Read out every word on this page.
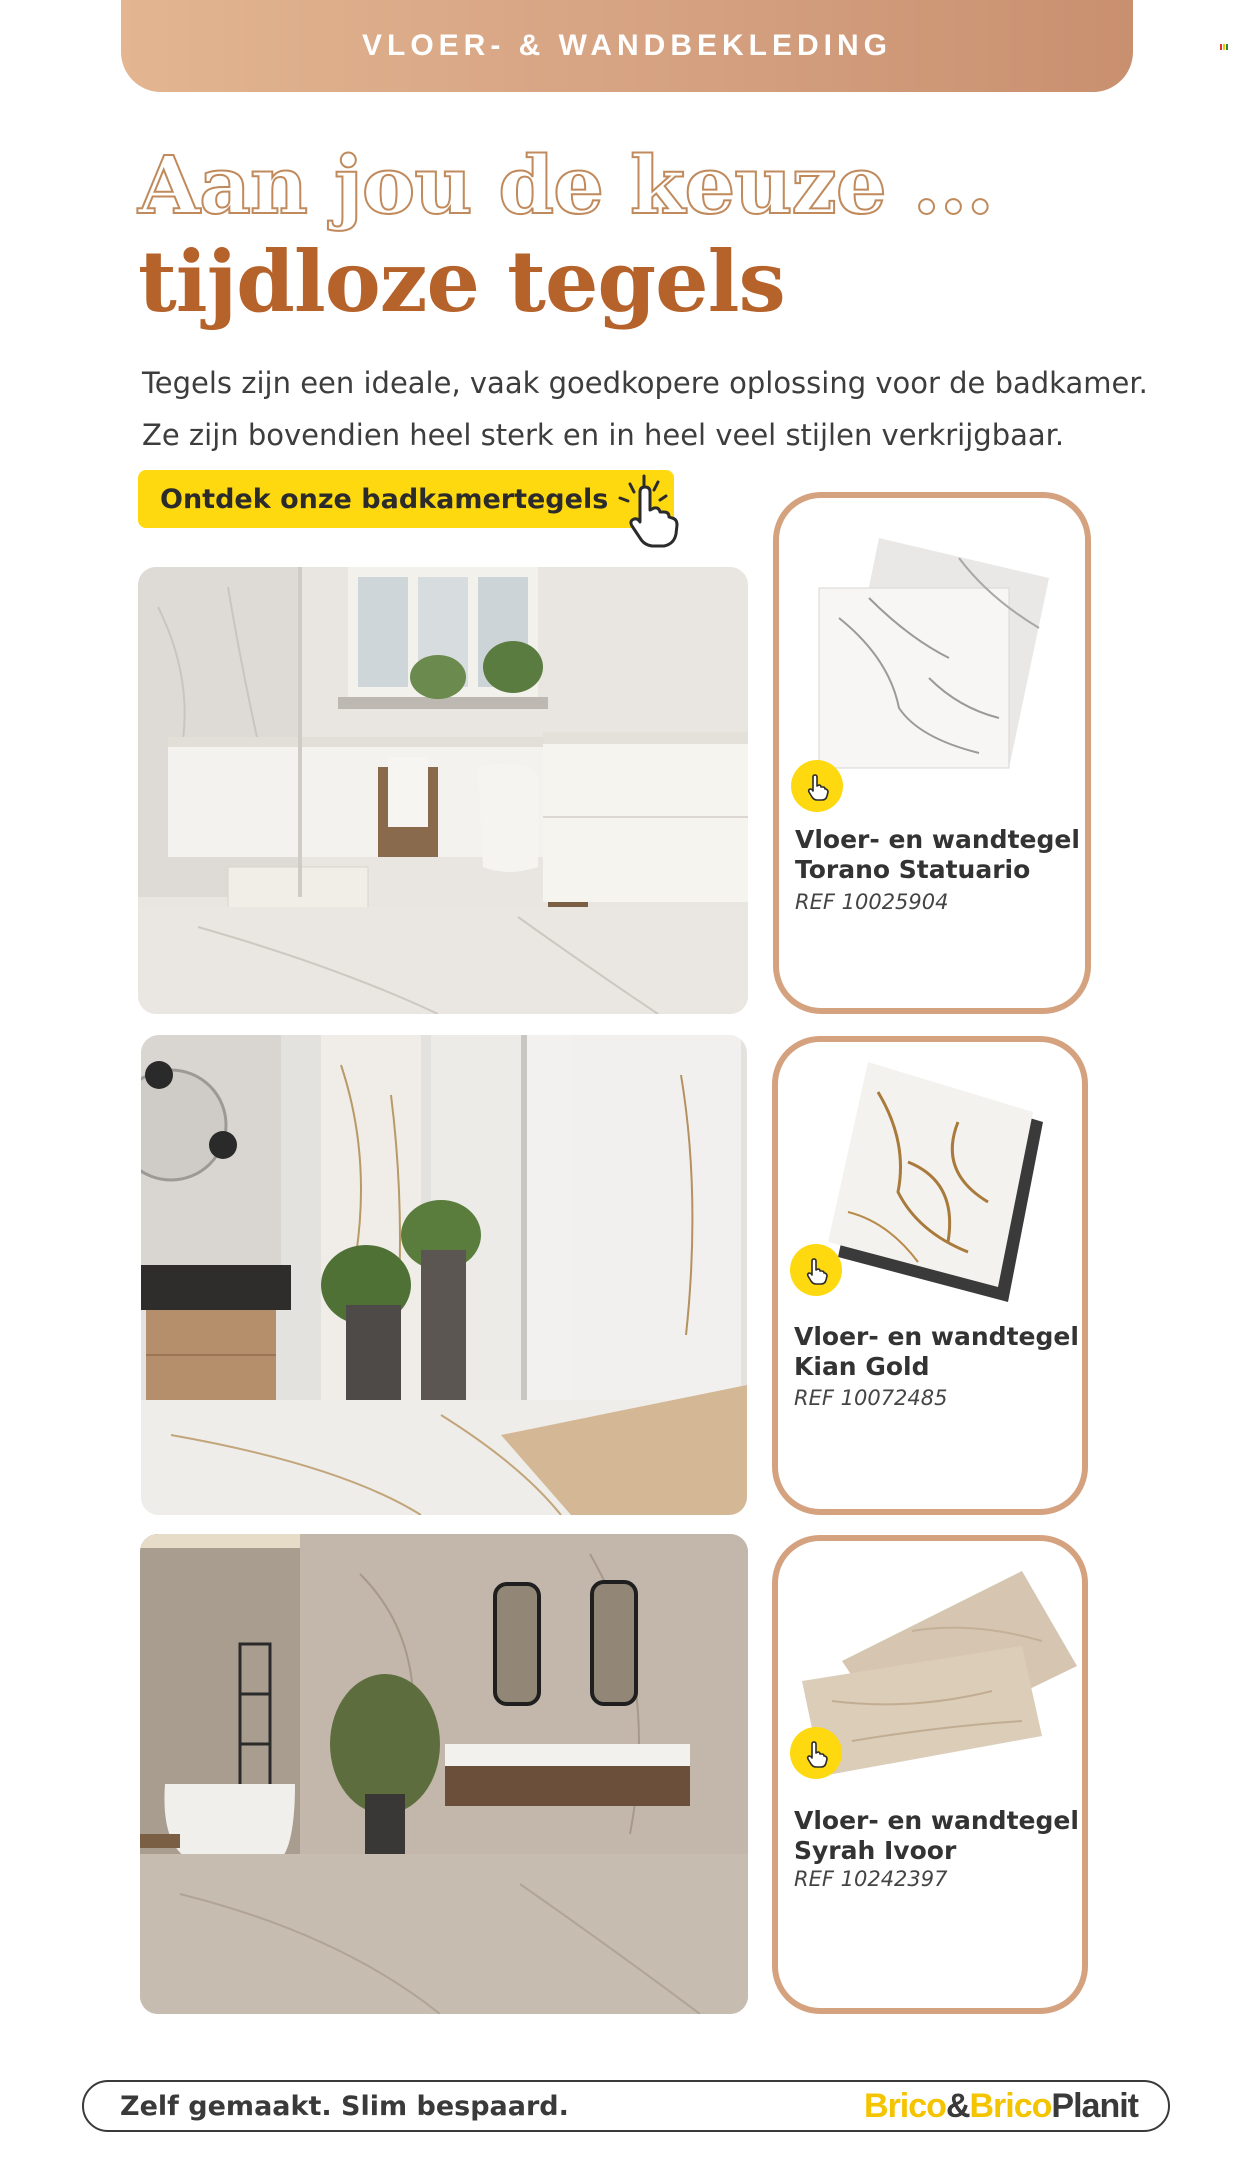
VLOER- & WANDBEKLEDING
Aan jou de keuze ...
tijdloze tegels

Tegels zijn een ideale, vaak goedkopere oplossing voor de badkamer.

Ze zijn bovendien heel sterk en in heel veel stijlen verkrijgbaar.

Ontdek onze badkamertegels
Vloer- en wandtegel
Torano Statuario
REF 10025904
Vloer- en wandtegel
Kian Gold
REF 10072485
Vloer- en wandtegel
Syrah Ivoor
REF 10242397
Zelf gemaakt. Slim bespaard.	Brico&BricoPlanit
